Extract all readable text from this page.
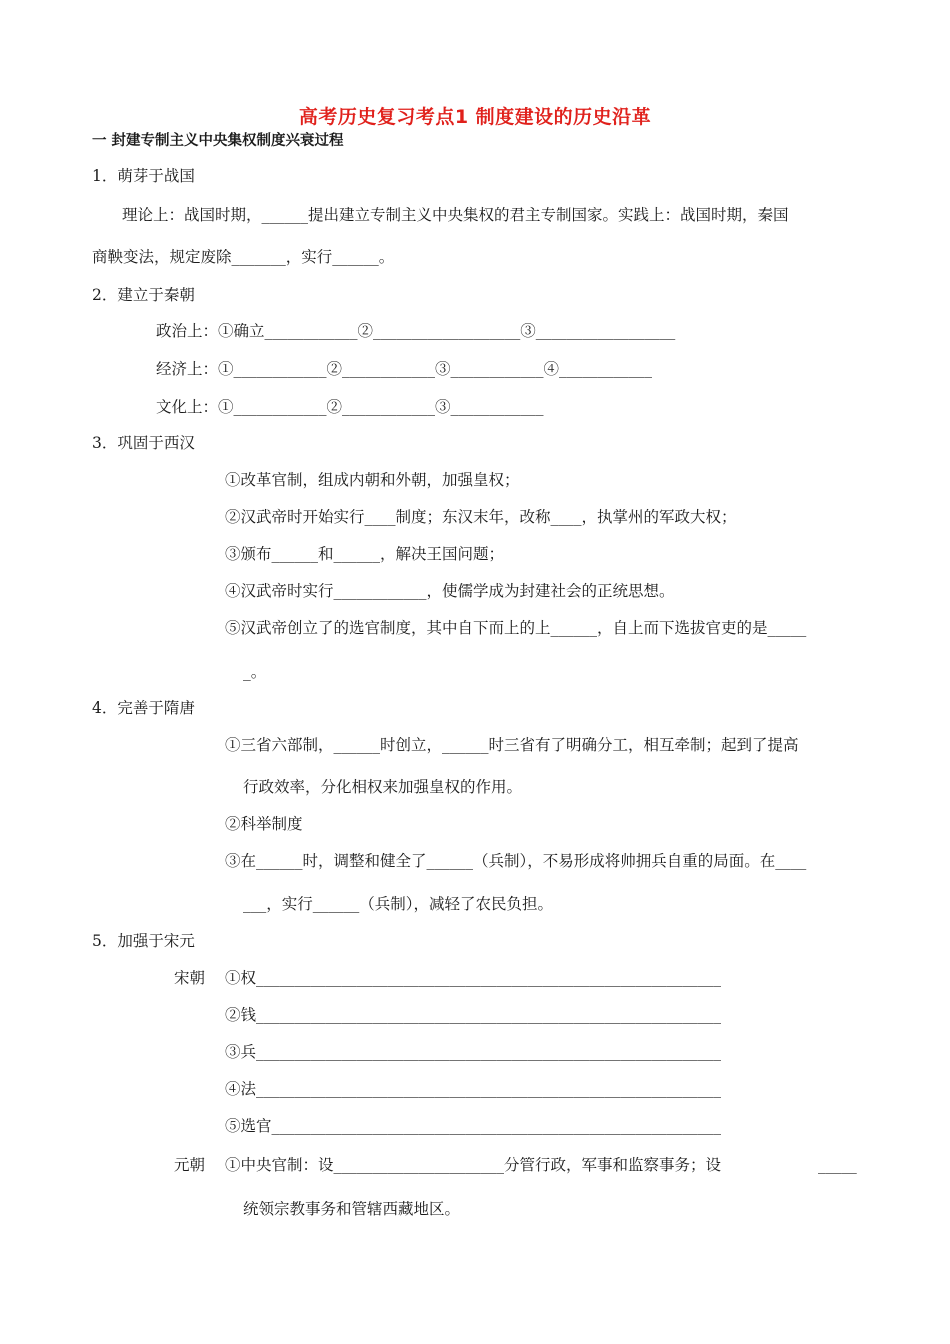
高考历史复习考点1 制度建设的历史沿革
一 封建专制主义中央集权制度兴衰过程
1．萌芽于战国
理论上：战国时期，______提出建立专制主义中央集权的君主专制国家。实践上：战国时期，秦国
商鞅变法，规定废除_______，实行______。
2．建立于秦朝
政治上：①确立____________②___________________③__________________
经济上：①____________②____________③____________④____________
文化上：①____________②____________③____________
3．巩固于西汉
①改革官制，组成内朝和外朝，加强皇权；
②汉武帝时开始实行____制度；东汉末年，改称____，执掌州的军政大权；
③颁布______和______，解决王国问题；
④汉武帝时实行____________，使儒学成为封建社会的正统思想。
⑤汉武帝创立了的选官制度，其中自下而上的上______，自上而下选拔官吏的是_____
_。
4．完善于隋唐
①三省六部制，______时创立，______时三省有了明确分工，相互牵制；起到了提高
行政效率，分化相权来加强皇权的作用。
②科举制度
③在______时，调整和健全了______（兵制），不易形成将帅拥兵自重的局面。在____
___，实行______（兵制），减轻了农民负担。
5．加强于宋元
宋朝 ①权____________________________________________________________
②钱____________________________________________________________
③兵____________________________________________________________
④法____________________________________________________________
⑤选官__________________________________________________________
元朝 ①中央官制：设______________________分管行政，军事和监察事务；设	_____
统领宗教事务和管辖西藏地区。
